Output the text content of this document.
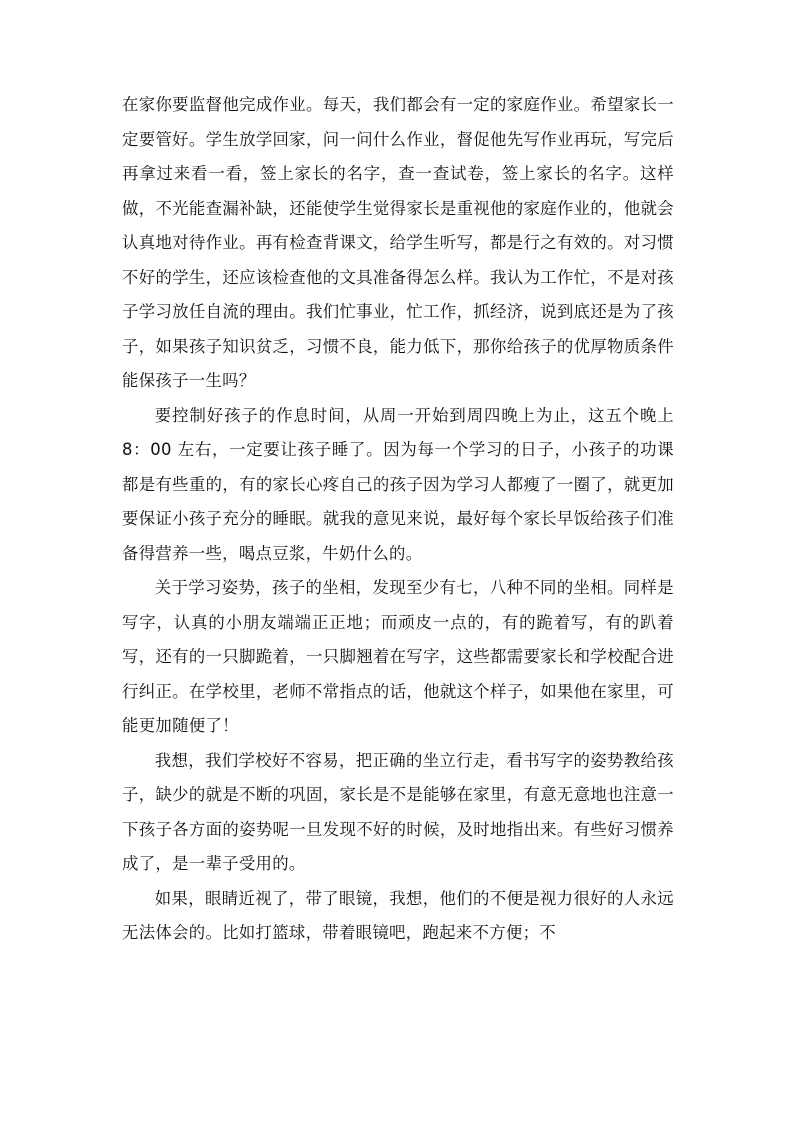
在家你要监督他完成作业。每天，我们都会有一定的家庭作业。希望家长一定要管好。学生放学回家，问一问什么作业，督促他先写作业再玩，写完后再拿过来看一看，签上家长的名字，查一查试卷，签上家长的名字。这样做，不光能查漏补缺，还能使学生觉得家长是重视他的家庭作业的，他就会认真地对待作业。再有检查背课文，给学生听写，都是行之有效的。对习惯不好的学生，还应该检查他的文具准备得怎么样。我认为工作忙，不是对孩子学习放任自流的理由。我们忙事业，忙工作，抓经济，说到底还是为了孩子，如果孩子知识贫乏，习惯不良，能力低下，那你给孩子的优厚物质条件能保孩子一生吗？

要控制好孩子的作息时间，从周一开始到周四晚上为止，这五个晚上 8：00 左右，一定要让孩子睡了。因为每一个学习的日子，小孩子的功课都是有些重的，有的家长心疼自己的孩子因为学习人都瘦了一圈了，就更加要保证小孩子充分的睡眠。就我的意见来说，最好每个家长早饭给孩子们准备得营养一些，喝点豆浆，牛奶什么的。

关于学习姿势，孩子的坐相，发现至少有七，八种不同的坐相。同样是写字，认真的小朋友端端正正地；而顽皮一点的，有的跪着写，有的趴着写，还有的一只脚跪着，一只脚翘着在写字，这些都需要家长和学校配合进行纠正。在学校里，老师不常指点的话，他就这个样子，如果他在家里，可能更加随便了！

我想，我们学校好不容易，把正确的坐立行走，看书写字的姿势教给孩子，缺少的就是不断的巩固，家长是不是能够在家里，有意无意地也注意一下孩子各方面的姿势呢一旦发现不好的时候，及时地指出来。有些好习惯养成了，是一辈子受用的。

如果，眼睛近视了，带了眼镜，我想，他们的不便是视力很好的人永远无法体会的。比如打篮球，带着眼镜吧，跑起来不方便；不
